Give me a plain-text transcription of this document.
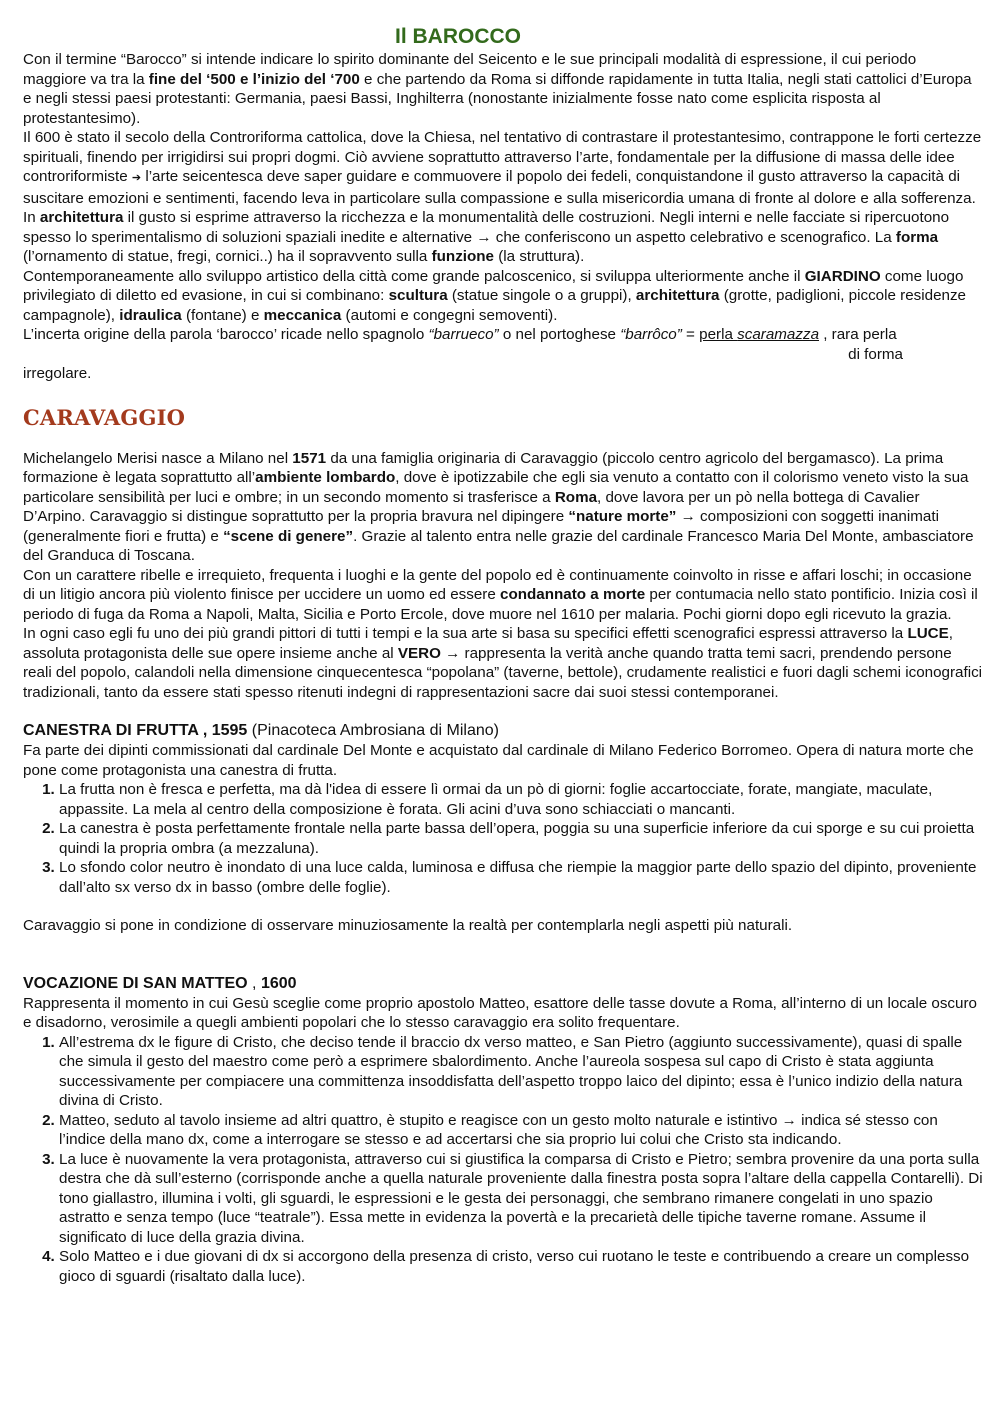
Il BAROCCO

Con il termine “Barocco” si intende indicare lo spirito dominante del Seicento e le sue principali modalità di espressione, il cui periodo maggiore va tra la fine del ‘500 e l’inizio del ‘700 e che partendo da Roma si diffonde rapidamente in tutta Italia, negli stati cattolici d’Europa e negli stessi paesi protestanti: Germania, paesi Bassi, Inghilterra (nonostante inizialmente fosse nato come esplicita risposta al protestantesimo).

Il 600 è stato il secolo della Controriforma cattolica, dove la Chiesa, nel tentativo di contrastare il protestantesimo, contrappone le forti certezze spirituali, finendo per irrigidirsi sui propri dogmi. Ciò avviene soprattutto attraverso l’arte, fondamentale per la diffusione di massa delle idee controriformiste ➔ l’arte seicentesca deve saper guidare e commuovere il popolo dei fedeli, conquistandone il gusto attraverso la capacità di suscitare emozioni e sentimenti, facendo leva in particolare sulla compassione e sulla misericordia umana di fronte al dolore e alla sofferenza.

In architettura il gusto si esprime attraverso la ricchezza e la monumentalità delle costruzioni. Negli interni e nelle facciate si ripercuotono spesso lo sperimentalismo di soluzioni spaziali inedite e alternative → che conferiscono un aspetto celebrativo e scenografico. La forma (l’ornamento di statue, fregi, cornici..) ha il sopravvento sulla funzione (la struttura).

Contemporaneamente allo sviluppo artistico della città come grande palcoscenico, si sviluppa ulteriormente anche il GIARDINO come luogo privilegiato di diletto ed evasione, in cui si combinano: scultura (statue singole o a gruppi), architettura (grotte, padiglioni, piccole residenze campagnole), idraulica (fontane) e meccanica (automi e congegni semoventi).

L’incerta origine della parola ‘barocco’ ricade nello spagnolo “barrueco” o nel portoghese “barrôco” = perla scaramazza , rara perla

di forma

irregolare.

CARAVAGGIO

Michelangelo Merisi nasce a Milano nel 1571 da una famiglia originaria di Caravaggio (piccolo centro agricolo del bergamasco). La prima formazione è legata soprattutto all’ambiente lombardo, dove è ipotizzabile che egli sia venuto a contatto con il colorismo veneto visto la sua particolare sensibilità per luci e ombre; in un secondo momento si trasferisce a Roma, dove lavora per un pò nella bottega di Cavalier D’Arpino. Caravaggio si distingue soprattutto per la propria bravura nel dipingere “nature morte” → composizioni con soggetti inanimati (generalmente fiori e frutta) e “scene di genere”. Grazie al talento entra nelle grazie del cardinale Francesco Maria Del Monte, ambasciatore del Granduca di Toscana.

Con un carattere ribelle e irrequieto, frequenta i luoghi e la gente del popolo ed è continuamente coinvolto in risse e affari loschi; in occasione di un litigio ancora più violento finisce per uccidere un uomo ed essere condannato a morte per contumacia nello stato pontificio. Inizia così il periodo di fuga da Roma a Napoli, Malta, Sicilia e Porto Ercole, dove muore nel 1610 per malaria. Pochi giorni dopo egli ricevuto la grazia.

In ogni caso egli fu uno dei più grandi pittori di tutti i tempi e la sua arte si basa su specifici effetti scenografici espressi attraverso la LUCE, assoluta protagonista delle sue opere insieme anche al VERO → rappresenta la verità anche quando tratta temi sacri, prendendo persone reali del popolo, calandoli nella dimensione cinquecentesca “popolana” (taverne, bettole), crudamente realistici e fuori dagli schemi iconografici tradizionali, tanto da essere stati spesso ritenuti indegni di rappresentazioni sacre dai suoi stessi contemporanei.

CANESTRA DI FRUTTA , 1595 (Pinacoteca Ambrosiana di Milano)

Fa parte dei dipinti commissionati dal cardinale Del Monte e acquistato dal cardinale di Milano Federico Borromeo. Opera di natura morte che pone come protagonista una canestra di frutta.

1. La frutta non è fresca e perfetta, ma dà l'idea di essere lì ormai da un pò di giorni: foglie accartocciate, forate, mangiate, maculate, appassite. La mela al centro della composizione è forata. Gli acini d’uva sono schiacciati o mancanti.
2. La canestra è posta perfettamente frontale nella parte bassa dell’opera, poggia su una superficie inferiore da cui sporge e su cui proietta quindi la propria ombra (a mezzaluna).
3. Lo sfondo color neutro è inondato di una luce calda, luminosa e diffusa che riempie la maggior parte dello spazio del dipinto, proveniente dall’alto sx verso dx in basso (ombre delle foglie).

Caravaggio si pone in condizione di osservare minuziosamente la realtà per contemplarla negli aspetti più naturali.

VOCAZIONE DI SAN MATTEO , 1600

Rappresenta il momento in cui Gesù sceglie come proprio apostolo Matteo, esattore delle tasse dovute a Roma, all’interno di un locale oscuro e disadorno, verosimile a quegli ambienti popolari che lo stesso caravaggio era solito frequentare.

1. All’estrema dx le figure di Cristo, che deciso tende il braccio dx verso matteo, e San Pietro (aggiunto successivamente), quasi di spalle che simula il gesto del maestro come però a esprimere sbalordimento. Anche l’aureola sospesa sul capo di Cristo è stata aggiunta successivamente per compiacere una committenza insoddisfatta dell’aspetto troppo laico del dipinto; essa è l’unico indizio della natura divina di Cristo.
2. Matteo, seduto al tavolo insieme ad altri quattro, è stupito e reagisce con un gesto molto naturale e istintivo → indica sé stesso con l’indice della mano dx, come a interrogare se stesso e ad accertarsi che sia proprio lui colui che Cristo sta indicando.
3. La luce è nuovamente la vera protagonista, attraverso cui si giustifica la comparsa di Cristo e Pietro; sembra provenire da una porta sulla destra che dà sull’esterno (corrisponde anche a quella naturale proveniente dalla finestra posta sopra l’altare della cappella Contarelli). Di tono giallastro, illumina i volti, gli sguardi, le espressioni e le gesta dei personaggi, che sembrano rimanere congelati in uno spazio astratto e senza tempo (luce “teatrale”). Essa mette in evidenza la povertà e la precarietà delle tipiche taverne romane. Assume il significato di luce della grazia divina.
4. Solo Matteo e i due giovani di dx si accorgono della presenza di cristo, verso cui ruotano le teste e contribuendo a creare un complesso gioco di sguardi (risaltato dalla luce).
